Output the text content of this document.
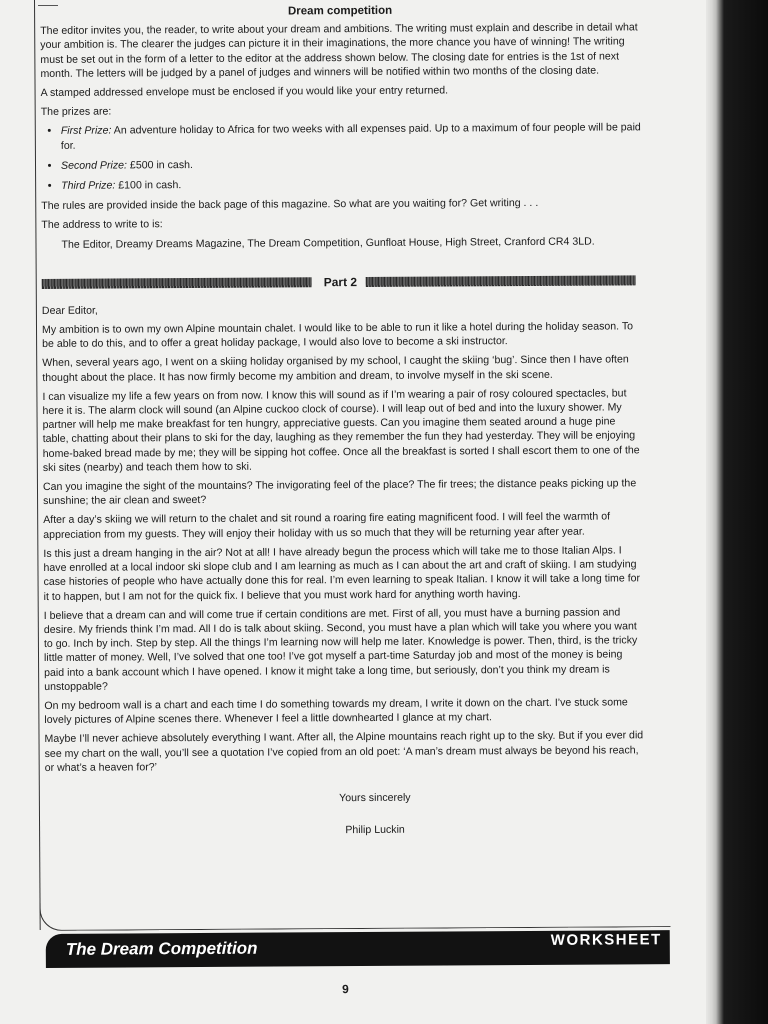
Dream competition

The editor invites you, the reader, to write about your dream and ambitions. The writing must explain and describe in detail what your ambition is. The clearer the judges can picture it in their imaginations, the more chance you have of winning! The writing must be set out in the form of a letter to the editor at the address shown below. The closing date for entries is the 1st of next month. The letters will be judged by a panel of judges and winners will be notified within two months of the closing date.

A stamped addressed envelope must be enclosed if you would like your entry returned.

The prizes are:

• First Prize: An adventure holiday to Africa for two weeks with all expenses paid. Up to a maximum of four people will be paid for.
• Second Prize: £500 in cash.
• Third Prize: £100 in cash.

The rules are provided inside the back page of this magazine. So what are you waiting for? Get writing . . .

The address to write to is:

The Editor, Dreamy Dreams Magazine, The Dream Competition, Gunfloat House, High Street, Cranford CR4 3LD.
Part 2

Dear Editor,

My ambition is to own my own Alpine mountain chalet. I would like to be able to run it like a hotel during the holiday season. To be able to do this, and to offer a great holiday package, I would also love to become a ski instructor.

When, several years ago, I went on a skiing holiday organised by my school, I caught the skiing ‘bug’. Since then I have often thought about the place. It has now firmly become my ambition and dream, to involve myself in the ski scene.

I can visualize my life a few years on from now. I know this will sound as if I’m wearing a pair of rosy coloured spectacles, but here it is. The alarm clock will sound (an Alpine cuckoo clock of course). I will leap out of bed and into the luxury shower. My partner will help me make breakfast for ten hungry, appreciative guests. Can you imagine them seated around a huge pine table, chatting about their plans to ski for the day, laughing as they remember the fun they had yesterday. They will be enjoying home-baked bread made by me; they will be sipping hot coffee. Once all the breakfast is sorted I shall escort them to one of the ski sites (nearby) and teach them how to ski.

Can you imagine the sight of the mountains? The invigorating feel of the place? The fir trees; the distance peaks picking up the sunshine; the air clean and sweet?

After a day’s skiing we will return to the chalet and sit round a roaring fire eating magnificent food. I will feel the warmth of appreciation from my guests. They will enjoy their holiday with us so much that they will be returning year after year.

Is this just a dream hanging in the air? Not at all! I have already begun the process which will take me to those Italian Alps. I have enrolled at a local indoor ski slope club and I am learning as much as I can about the art and craft of skiing. I am studying case histories of people who have actually done this for real. I’m even learning to speak Italian. I know it will take a long time for it to happen, but I am not for the quick fix. I believe that you must work hard for anything worth having.

I believe that a dream can and will come true if certain conditions are met. First of all, you must have a burning passion and desire. My friends think I’m mad. All I do is talk about skiing. Second, you must have a plan which will take you where you want to go. Inch by inch. Step by step. All the things I’m learning now will help me later. Knowledge is power. Then, third, is the tricky little matter of money. Well, I’ve solved that one too! I’ve got myself a part-time Saturday job and most of the money is being paid into a bank account which I have opened. I know it might take a long time, but seriously, don’t you think my dream is unstoppable?

On my bedroom wall is a chart and each time I do something towards my dream, I write it down on the chart. I’ve stuck some lovely pictures of Alpine scenes there. Whenever I feel a little downhearted I glance at my chart.

Maybe I’ll never achieve absolutely everything I want. After all, the Alpine mountains reach right up to the sky. But if you ever did see my chart on the wall, you’ll see a quotation I’ve copied from an old poet: ‘A man’s dream must always be beyond his reach, or what’s a heaven for?’

Yours sincerely
Philip Luckin
The Dream Competition	WORKSHEET
9
